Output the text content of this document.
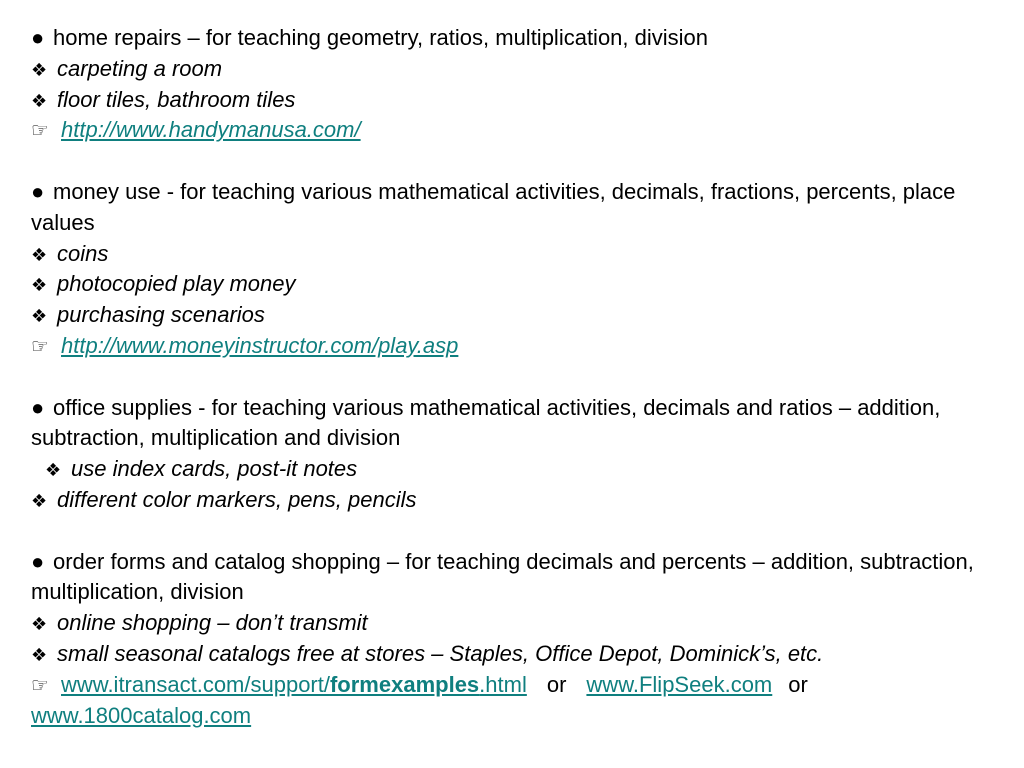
● home repairs – for teaching geometry, ratios, multiplication, division
❖ carpeting a room
❖ floor tiles, bathroom tiles
☞ http://www.handymanusa.com/
● money use - for teaching various mathematical activities, decimals, fractions, percents, place values
❖ coins
❖ photocopied play money
❖ purchasing scenarios
☞ http://www.moneyinstructor.com/play.asp
● office supplies - for teaching various mathematical activities, decimals and ratios – addition, subtraction, multiplication and division
❖ use index cards, post-it notes
❖ different color markers, pens, pencils
● order forms and catalog shopping – for teaching decimals and percents – addition, subtraction, multiplication, division
❖ online shopping – don’t transmit
❖ small seasonal catalogs free at stores – Staples, Office Depot, Dominick’s, etc.
☞ www.itransact.com/support/formexamples.html or www.FlipSeek.com or
www.1800catalog.com
